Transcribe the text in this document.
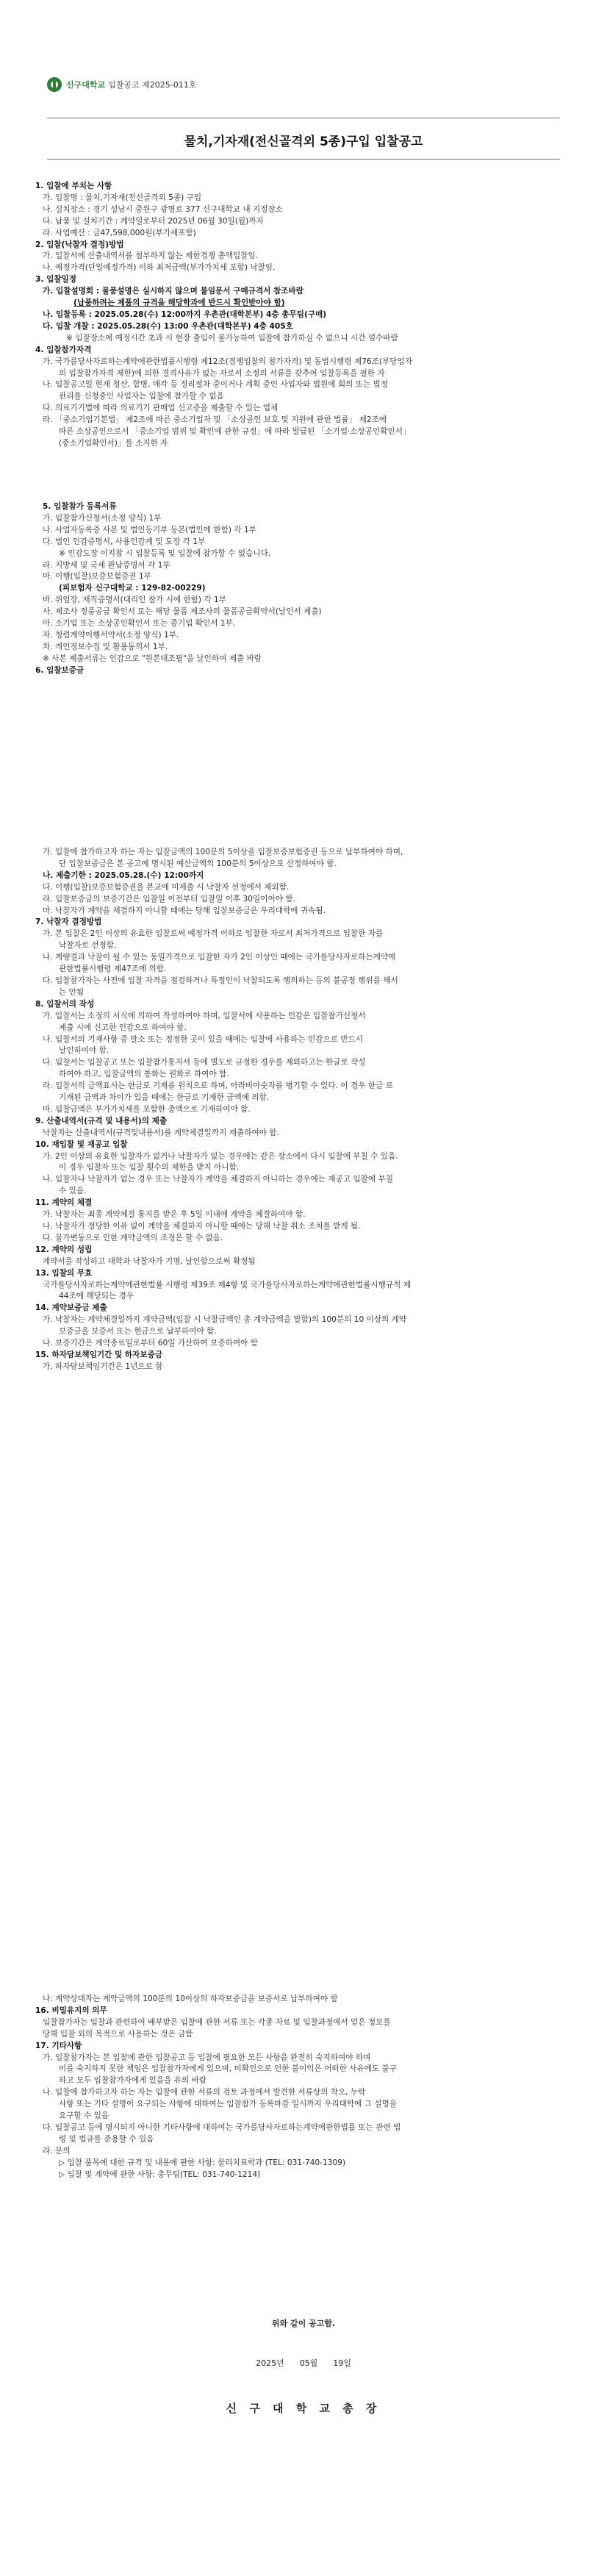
신구대학교 입찰공고 제2025-011호
물치,기자재(전신골격외 5종)구입 입찰공고
1. 입찰에 부치는 사항
가. 입찰명 : 물치,기자재(전신골격외 5종) 구입
나. 설치장소 : 경기 성남시 중원구 광명로 377 신구대학교 내 지정장소
다. 납품 및 설치기간 : 계약일로부터 2025년 06월 30일(월)까지
라. 사업예산 : 금47,598,000원(부가세포함)
2. 입찰(낙찰자 결정)방법
가. 입찰서에 산출내역서를 첨부하지 않는 제한경쟁 총액입찰임.
나. 예정가격(단일예정가격) 이하 최저금액(부가가치세 포함) 낙찰임.
3. 입찰일정
가. 입찰설명회 : 물품설명은 실시하지 않으며 붙임문서 구매규격서 참조바람
(납품하려는 제품의 규격을 해당학과에 반드시 확인받아야 함)
나. 입찰등록 : 2025.05.28(수) 12:00까지 우촌관(대학본부) 4층 총무팀(구매)
다. 입찰 개찰 : 2025.05.28(수) 13:00 우촌관(대학본부) 4층 405호
※ 입찰장소에 예정시간 초과 시 현장 출입이 불가능하여 입찰에 참가하실 수 없으니 시간 엄수바람
4. 입찰참가자격
가. 국가를당사자로하는계약에관한법률시행령 제12조(경쟁입찰의 참가자격) 및 동법시행령 제76조(부당업자
의 입찰참가자격 제한)에 의한 결격사유가 없는 자로서 소정의 서류를 갖추어 입찰등록을 필한 자
나. 입찰공고일 현재 청산, 합병, 매각 등 정리절차 중이거나 계획 중인 사업자와 법원에 회의 또는 법정
관리를 신청중인 사업자는 입찰에 참가할 수 없음
다. 의료기기법에 따라 의료기기 판매업 신고증을 제출할 수 있는 업체
라. 「중소기업기본법」 제2조에 따른 중소기업자 및 「소상공인 보호 및 지원에 관한 법률」 제2조에
따른 소상공인으로서 「중소기업 범위 및 확인에 관한 규정」에 따라 발급된 「소기업·소상공인확인서」
(중소기업확인서)」를 소지한 자
5. 입찰참가 등록서류
가. 입찰참가신청서(소정 양식) 1부
나. 사업자등록증 사본 및 법인등기부 등본(법인에 한함) 각 1부
다. 법인 인감증명서, 사용인감계 및 도장 각 1부
※ 인감도장 이지참 시 입찰등록 및 입찰에 참가할 수 없습니다.
라. 지방세 및 국세 완납증명서 각 1부
마. 이행(입찰)보증보험증권 1부
(피보험자 신구대학교 : 129-82-00229)
바. 위임장, 재직증명서(대리인 참가 시에 한함) 각 1부
사. 제조사 정품공급 확인서 또는 해당 물품 제조사의 물품공급확약서(날인서 제출)
아. 소기업 또는 소상공인확인서 또는 중기업 확인서 1부.
자. 청렴계약이행서약서(소정 양식) 1부.
차. 개인정보수집 및 활용동의서 1부.
※ 사본 제출서류는 인감으로 "원본대조필"을 날인하여 제출 바람
6. 입찰보증금
가. 입찰에 참가하고자 하는 자는 입찰금액의 100분의 5이상을 입찰보증보험증권 등으로 납부하여야 하며,
단 입찰보증금은 본 공고에 명시된 예산금액의 100분의 5이상으로 산정하여야 함.
나. 제출기한 : 2025.05.28.(수) 12:00까지
다. 이행(입찰)보증보험증권을 본교에 미제출 시 낙찰자 선정에서 제외함.
라. 입찰보증금의 보증기간은 입찰일 이전부터 입찰일 이후 30일이어야 함.
마. 낙찰자가 계약을 체결하지 아니할 때에는 당해 입찰보증금은 우리대학에 귀속됨.
7. 낙찰자 결정방법
가. 본 입찰은 2인 이상의 유효한 입찰로써 예정가격 이하로 입찰한 자로서 최저가격으로 입찰한 자를
낙찰자로 선정함.
나. 계량결과 낙찰이 될 수 있는 동일가격으로 입찰한 자가 2인 이상인 때에는 국가를당사자로하는계약에
관한법률시행령 제47조에 의함.
다. 입찰참가자는 사전에 입찰 자격을 점검하거나 특정인이 낙찰되도록 행의하는 등의 불공정 행위를 해서
는 안됨
8. 입찰서의 작성
가. 입찰서는 소정의 서식에 의하여 작성하여야 하며, 입찰서에 사용하는 인감은 입찰참가신청서
제출 시에 신고한 인감으로 하여야 함.
나. 입찰서의 기재사항 중 말소 또는 정정한 곳이 있을 때에는 입찰에 사용하는 인감으로 반드시
날인하여야 함.
다. 입찰서는 입찰공고 또는 입찰참가통지서 등에 별도로 규정한 경우를 제외하고는 한글로 작성
하여야 하고, 입찰금액의 통화는 원화로 하여야 함.
라. 입찰서의 금액표시는 한글로 기재를 원칙으로 하며, 아라비아숫자를 병기할 수 있다. 이 경우 한글 로
기재된 금액과 차이가 있을 때에는 한글로 기재한 금액에 의함.
마. 입찰금액은 부가가치세를 포함한 총액으로 기재하여야 함.
9. 산출내역서(규격 및 내용서)의 제출
낙찰자는 산출내역서(규격및내용서)를 계약체결일까지 제출하여야 함.
10. 재입찰 및 재공고 입찰
가. 2인 이상의 유효한 입찰자가 없거나 낙찰자가 없는 경우에는 같은 장소에서 다시 입찰에 부칠 수 있음.
이 경우 입찰자 또는 입찰 횟수의 제한을 받지 아니함.
나. 입찰자나 낙찰자가 없는 경우 또는 낙찰자가 계약을 체결하지 아니하는 경우에는 재공고 입찰에 부칠
수 있음.
11. 계약의 체결
가. 낙찰자는 최종 계약체결 통지를 받은 후 5일 이내에 계약을 체결하여야 함.
나. 낙찰자가 정당한 이유 없이 계약을 체결하지 아니할 때에는 당해 낙찰 취소 조치를 받게 됨.
다. 물가변동으로 인한 계약금액의 조정은 할 수 없음.
12. 계약의 성립
계약서를 작성하고 대학과 낙찰자가 기명, 날인함으로써 확정됨
13. 입찰의 무효
국가를당사자로하는계약에관한법률 시행령 제39조 제4항 및 국가를당사자로하는계약에관한법률시행규칙 제
44조에 해당되는 경우
14. 계약보증금 제출
가. 낙찰자는 계약체결일까지 계약금액(입찰 시 낙찰금액인 총 계약금액을 말함)의 100분의 10 이상의 계약
보증금을 보증서 또는 현금으로 납부하여야 함.
나. 보증기간은 계약종료일로부터 60일 가산하여 보증하여야 함
15. 하자담보책임기간 및 하자보증금
가. 하자담보책임기간은 1년으로 함
나. 계약상대자는 계약금액의 100분의 10이상의 하자보증금을 보증서로 납부하여야 함
16. 비밀유지의 의무
입찰참가자는 입찰과 관련하여 배부받은 입찰에 관한 서류 또는 각종 자료 및 입찰과정에서 얻은 정보를
당해 입찰 외의 목적으로 사용하는 것은 금함
17. 기타사항
가. 입찰참가자는 본 입찰에 관한 입찰공고 등 입찰에 필요한 모든 사항을 완전히 숙지하여야 하며
이를 숙지하지 못한 책임은 입찰참가자에게 있으며, 미확인으로 인한 불이익은 어떠한 사유에도 불구
하고 모두 입찰참가자에게 있음을 유의 바람
나. 입찰에 참가하고자 하는 자는 입찰에 관한 서류의 검토 과정에서 발견한 서류상의 착오, 누락
사항 또는 기타 설명이 요구되는 사항에 대하여는 입찰참가 등록마감 일시까지 우리대학에 그 설명을
요구할 수 있음
다. 입찰공고 등에 명시되지 아니한 기타사항에 대하여는 국가를당사자로하는계약에관한법률 또는 관련 법
령 및 법규를 준용할 수 있음
라. 문의
▷ 입찰 품목에 대한 규격 및 내용에 관한 사항: 물리치료학과 (TEL: 031-740-1309)
▷ 입찰 및 계약에 관한 사항: 총무팀(TEL: 031-740-1214)
위와 같이 공고함.
2025년 05월 19일
신 구 대 학 교 총 장
